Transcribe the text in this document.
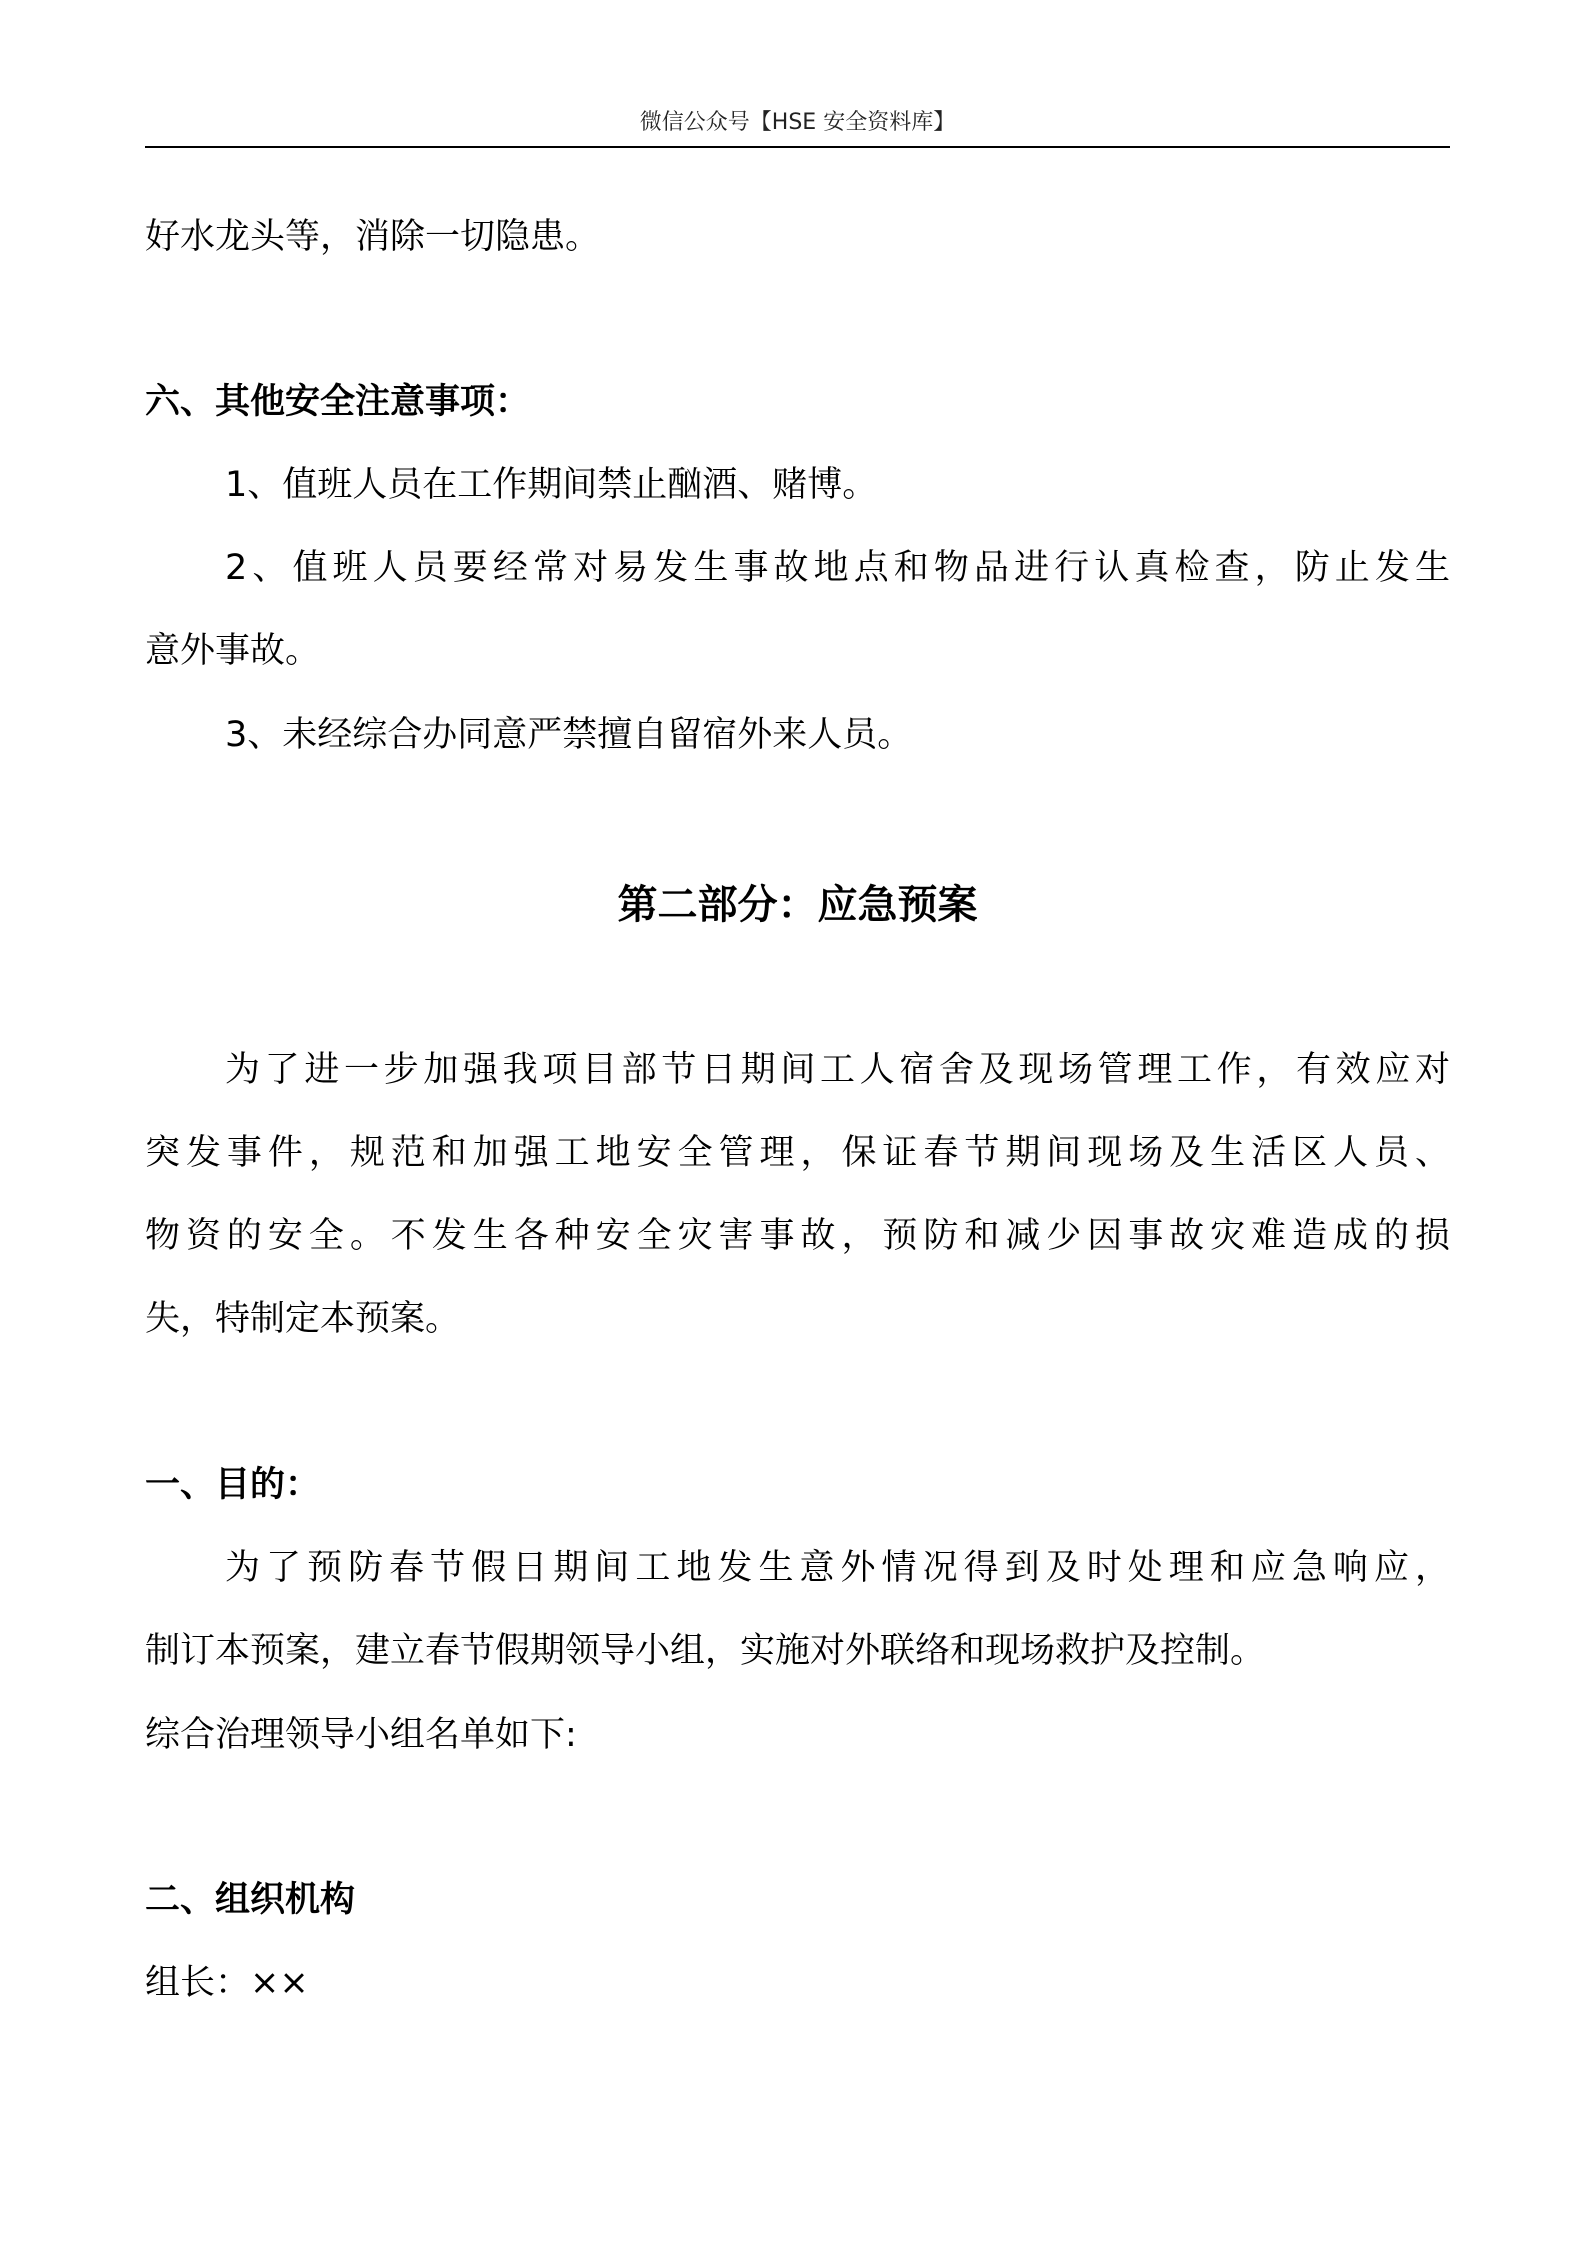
微信公众号【HSE 安全资料库】
好水龙头等，消除一切隐患。
六、其他安全注意事项：
1、值班人员在工作期间禁止酗酒、赌博。
2、值班人员要经常对易发生事故地点和物品进行认真检查，防止发生
意外事故。
3、未经综合办同意严禁擅自留宿外来人员。
第二部分：应急预案
为了进一步加强我项目部节日期间工人宿舍及现场管理工作，有效应对
突发事件，规范和加强工地安全管理，保证春节期间现场及生活区人员、
物资的安全。不发生各种安全灾害事故，预防和减少因事故灾难造成的损
失，特制定本预案。
一、目的：
为了预防春节假日期间工地发生意外情况得到及时处理和应急响应，
制订本预案，建立春节假期领导小组，实施对外联络和现场救护及控制。
综合治理领导小组名单如下:
二、组织机构
组长：××
